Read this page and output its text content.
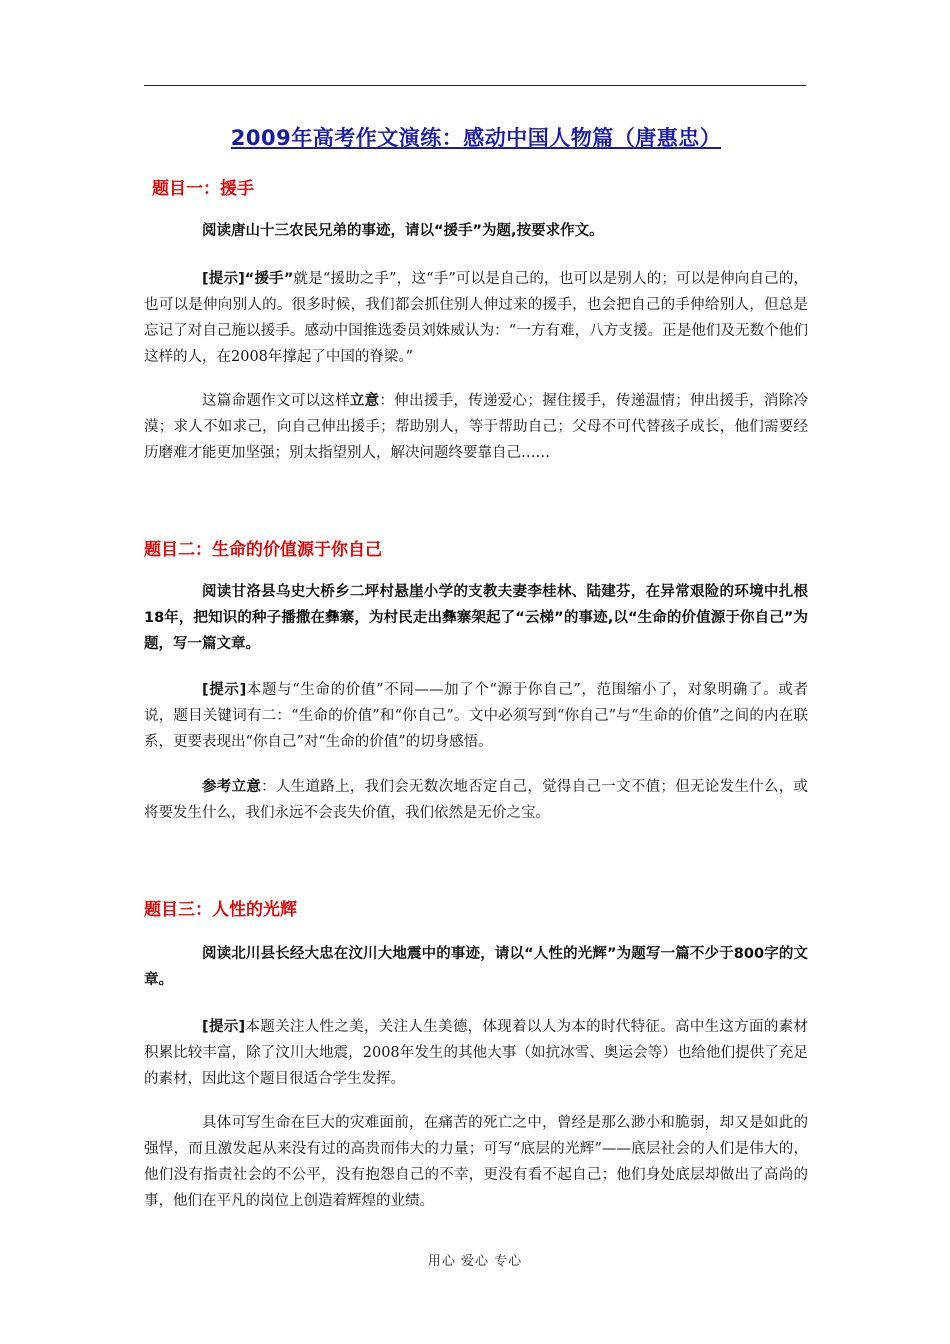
2009年高考作文演练：感动中国人物篇（唐惠忠）
题目一：援手
阅读唐山十三农民兄弟的事迹，请以“援手”为题,按要求作文。
[提示]“援手”就是“援助之手”，这“手”可以是自己的，也可以是别人的；可以是伸向自己的，也可以是伸向别人的。很多时候，我们都会抓住别人伸过来的援手，也会把自己的手伸给别人，但总是忘记了对自己施以援手。感动中国推选委员刘姝威认为：“一方有难，八方支援。正是他们及无数个他们这样的人，在2008年撑起了中国的脊梁。”
这篇命题作文可以这样立意：伸出援手，传递爱心；握住援手，传递温情；伸出援手，消除冷漠；求人不如求己，向自己伸出援手；帮助别人，等于帮助自己；父母不可代替孩子成长，他们需要经历磨难才能更加坚强；别太指望别人，解决问题终要靠自己……
题目二：生命的价值源于你自己
阅读甘洛县乌史大桥乡二坪村悬崖小学的支教夫妻李桂林、陆建芬，在异常艰险的环境中扎根18年，把知识的种子播撒在彝寨，为村民走出彝寨架起了“云梯”的事迹,以“生命的价值源于你自己”为题，写一篇文章。
[提示]本题与“生命的价值”不同——加了个“源于你自己”，范围缩小了，对象明确了。或者说，题目关键词有二：“生命的价值”和“你自己”。文中必须写到“你自己”与“生命的价值”之间的内在联系，更要表现出“你自己”对“生命的价值”的切身感悟。
参考立意：人生道路上，我们会无数次地否定自己，觉得自己一文不值；但无论发生什么，或将要发生什么，我们永远不会丧失价值，我们依然是无价之宝。
题目三：人性的光辉
阅读北川县长经大忠在汶川大地震中的事迹，请以“人性的光辉”为题写一篇不少于800字的文章。
[提示]本题关注人性之美，关注人生美德，体现着以人为本的时代特征。高中生这方面的素材积累比较丰富，除了汶川大地震，2008年发生的其他大事（如抗冰雪、奥运会等）也给他们提供了充足的素材，因此这个题目很适合学生发挥。
具体可写生命在巨大的灾难面前，在痛苦的死亡之中，曾经是那么渺小和脆弱，却又是如此的强悍，而且激发起从来没有过的高贵而伟大的力量；可写“底层的光辉”——底层社会的人们是伟大的，他们没有指责社会的不公平，没有抱怨自己的不幸，更没有看不起自己；他们身处底层却做出了高尚的事，他们在平凡的岗位上创造着辉煌的业绩。
用心 爱心 专心
